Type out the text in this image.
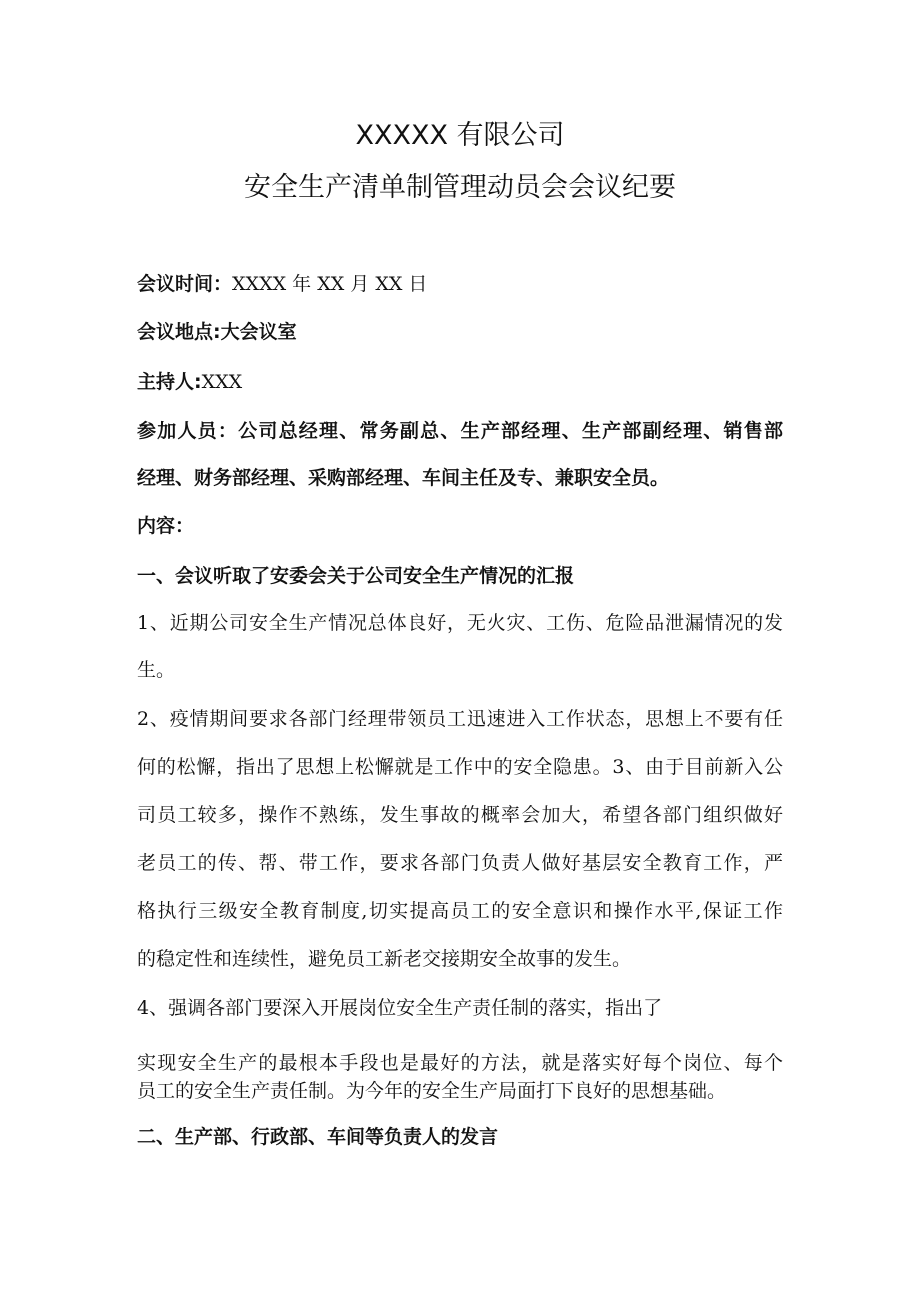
XXXXX 有限公司
安全生产清单制管理动员会会议纪要
会议时间：XXXX 年 XX 月 XX 日
会议地点:大会议室
主持人:XXX
参加人员：公司总经理、常务副总、生产部经理、生产部副经理、销售部
经理、财务部经理、采购部经理、车间主任及专、兼职安全员。
内容：
一、会议听取了安委会关于公司安全生产情况的汇报
1、近期公司安全生产情况总体良好，无火灾、工伤、危险品泄漏情况的发
生。
2、疫情期间要求各部门经理带领员工迅速进入工作状态，思想上不要有任
何的松懈，指出了思想上松懈就是工作中的安全隐患。3、由于目前新入公
司员工较多，操作不熟练，发生事故的概率会加大，希望各部门组织做好
老员工的传、帮、带工作，要求各部门负责人做好基层安全教育工作，严
格执行三级安全教育制度,切实提高员工的安全意识和操作水平,保证工作
的稳定性和连续性，避免员工新老交接期安全故事的发生。
4、强调各部门要深入开展岗位安全生产责任制的落实，指出了
实现安全生产的最根本手段也是最好的方法，就是落实好每个岗位、每个
员工的安全生产责任制。为今年的安全生产局面打下良好的思想基础。
二、生产部、行政部、车间等负责人的发言
